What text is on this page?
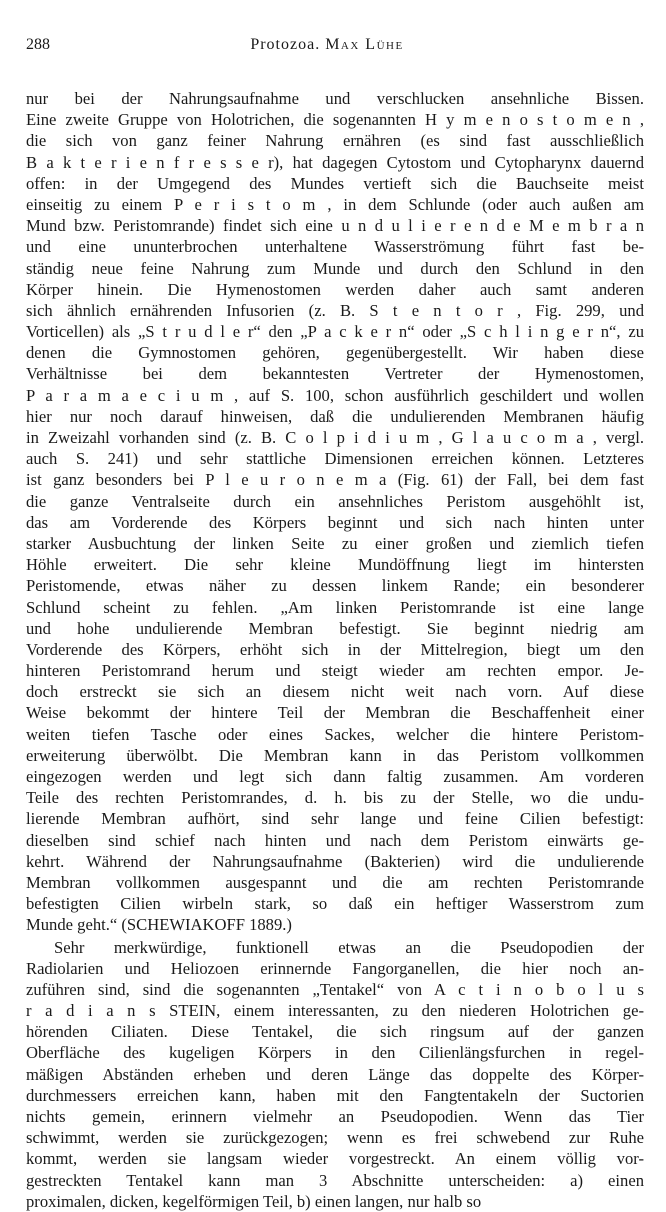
288	Protozoa. Max Lühe
nur bei der Nahrungsaufnahme und verschlucken ansehnliche Bissen.
Eine zweite Gruppe von Holotrichen, die sogenannten H y m e n o s t o m e n ,
die sich von ganz feiner Nahrung ernähren (es sind fast ausschließlich
B a k t e r i e n f r e s s e r), hat dagegen Cytostom und Cytopharynx dauernd
offen: in der Umgegend des Mundes vertieft sich die Bauchseite meist
einseitig zu einem P e r i s t o m , in dem Schlunde (oder auch außen am
Mund bzw. Peristomrande) findet sich eine u n d u l i e r e n d e M e m b r a n
und eine ununterbrochen unterhaltene Wasserströmung führt fast be-
ständig neue feine Nahrung zum Munde und durch den Schlund in den
Körper hinein. Die Hymenostomen werden daher auch samt anderen
sich ähnlich ernährenden Infusorien (z. B. S t e n t o r , Fig. 299, und
Vorticellen) als „S t r u d l e r“ den „P a c k e r n“ oder „S c h l i n g e r n“, zu
denen die Gymnostomen gehören, gegenübergestellt. Wir haben diese
Verhältnisse bei dem bekanntesten Vertreter der Hymenostomen,
P a r a m a e c i u m , auf S. 100, schon ausführlich geschildert und wollen
hier nur noch darauf hinweisen, daß die undulierenden Membranen häufig
in Zweizahl vorhanden sind (z. B. C o l p i d i u m , G l a u c o m a , vergl.
auch S. 241) und sehr stattliche Dimensionen erreichen können. Letzteres
ist ganz besonders bei P l e u r o n e m a (Fig. 61) der Fall, bei dem fast
die ganze Ventralseite durch ein ansehnliches Peristom ausgehöhlt ist,
das am Vorderende des Körpers beginnt und sich nach hinten unter
starker Ausbuchtung der linken Seite zu einer großen und ziemlich tiefen
Höhle erweitert. Die sehr kleine Mundöffnung liegt im hintersten
Peristomende, etwas näher zu dessen linkem Rande; ein besonderer
Schlund scheint zu fehlen. „Am linken Peristomrande ist eine lange
und hohe undulierende Membran befestigt. Sie beginnt niedrig am
Vorderende des Körpers, erhöht sich in der Mittelregion, biegt um den
hinteren Peristomrand herum und steigt wieder am rechten empor. Je-
doch erstreckt sie sich an diesem nicht weit nach vorn. Auf diese
Weise bekommt der hintere Teil der Membran die Beschaffenheit einer
weiten tiefen Tasche oder eines Sackes, welcher die hintere Peristom-
erweiterung überwölbt. Die Membran kann in das Peristom vollkommen
eingezogen werden und legt sich dann faltig zusammen. Am vorderen
Teile des rechten Peristomrandes, d. h. bis zu der Stelle, wo die undu-
lierende Membran aufhört, sind sehr lange und feine Cilien befestigt:
dieselben sind schief nach hinten und nach dem Peristom einwärts ge-
kehrt. Während der Nahrungsaufnahme (Bakterien) wird die undulierende
Membran vollkommen ausgespannt und die am rechten Peristomrande
befestigten Cilien wirbeln stark, so daß ein heftiger Wasserstrom zum
Munde geht.“ (SCHEWIAKOFF 1889.)
Sehr merkwürdige, funktionell etwas an die Pseudopodien der
Radiolarien und Heliozoen erinnernde Fangorganellen, die hier noch an-
zuführen sind, sind die sogenannten „Tentakel“ von A c t i n o b o l u s
r a d i a n s STEIN, einem interessanten, zu den niederen Holotrichen ge-
hörenden Ciliaten. Diese Tentakel, die sich ringsum auf der ganzen
Oberfläche des kugeligen Körpers in den Cilienlängsfurchen in regel-
mäßigen Abständen erheben und deren Länge das doppelte des Körper-
durchmessers erreichen kann, haben mit den Fangtentakeln der Suctorien
nichts gemein, erinnern vielmehr an Pseudopodien. Wenn das Tier
schwimmt, werden sie zurückgezogen; wenn es frei schwebend zur Ruhe
kommt, werden sie langsam wieder vorgestreckt. An einem völlig vor-
gestreckten Tentakel kann man 3 Abschnitte unterscheiden: a) einen
proximalen, dicken, kegelförmigen Teil, b) einen langen, nur halb so
